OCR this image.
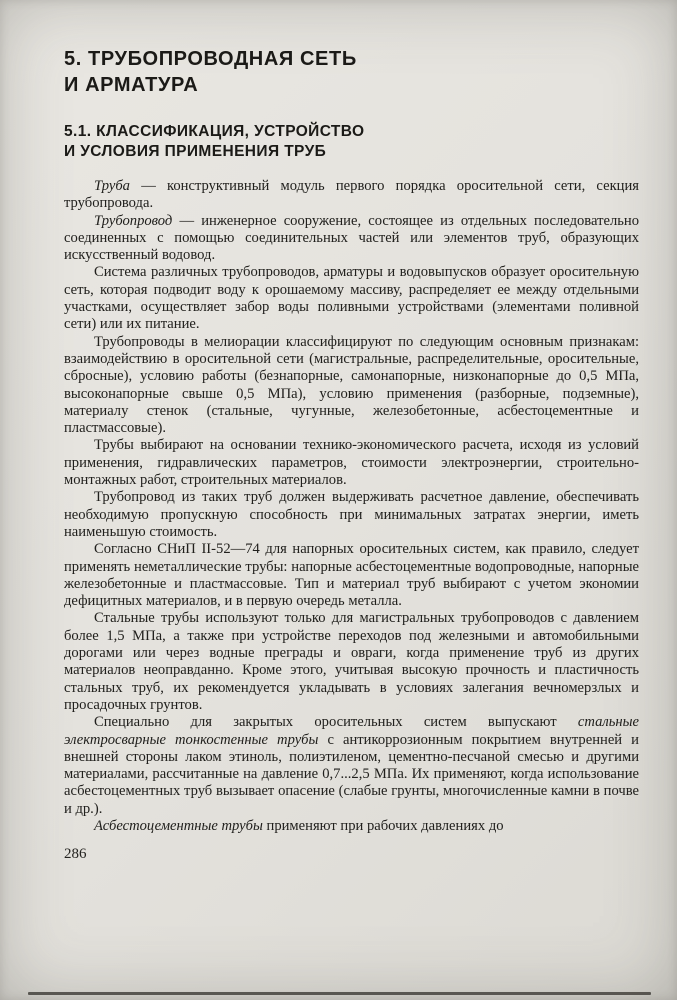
5. ТРУБОПРОВОДНАЯ СЕТЬ
И АРМАТУРА
5.1. КЛАССИФИКАЦИЯ, УСТРОЙСТВО
И УСЛОВИЯ ПРИМЕНЕНИЯ ТРУБ

Труба — конструктивный модуль первого порядка оросительной сети, секция трубопровода.

Трубопровод — инженерное сооружение, состоящее из отдельных последовательно соединенных с помощью соединительных частей или элементов труб, образующих искусственный водовод.

Система различных трубопроводов, арматуры и водовыпусков образует оросительную сеть, которая подводит воду к орошаемому массиву, распределяет ее между отдельными участками, осуществляет забор воды поливными устройствами (элементами поливной сети) или их питание.

Трубопроводы в мелиорации классифицируют по следующим основным признакам: взаимодействию в оросительной сети (магистральные, распределительные, оросительные, сбросные), условию работы (безнапорные, самонапорные, низконапорные до 0,5 МПа, высоконапорные свыше 0,5 МПа), условию применения (разборные, подземные), материалу стенок (стальные, чугунные, железобетонные, асбестоцементные и пластмассовые).

Трубы выбирают на основании технико-экономического расчета, исходя из условий применения, гидравлических параметров, стоимости электроэнергии, строительно-монтажных работ, строительных материалов.

Трубопровод из таких труб должен выдерживать расчетное давление, обеспечивать необходимую пропускную способность при минимальных затратах энергии, иметь наименьшую стоимость.

Согласно СНиП II-52—74 для напорных оросительных систем, как правило, следует применять неметаллические трубы: напорные асбестоцементные водопроводные, напорные железобетонные и пластмассовые. Тип и материал труб выбирают с учетом экономии дефицитных материалов, и в первую очередь металла.

Стальные трубы используют только для магистральных трубопроводов с давлением более 1,5 МПа, а также при устройстве переходов под железными и автомобильными дорогами или через водные преграды и овраги, когда применение труб из других материалов неоправданно. Кроме этого, учитывая высокую прочность и пластичность стальных труб, их рекомендуется укладывать в условиях залегания вечномерзлых и просадочных грунтов.

Специально для закрытых оросительных систем выпускают стальные электросварные тонкостенные трубы с антикоррозионным покрытием внутренней и внешней стороны лаком этиноль, полиэтиленом, цементно-песчаной смесью и другими материалами, рассчитанные на давление 0,7...2,5 МПа. Их применяют, когда использование асбестоцементных труб вызывает опасение (слабые грунты, многочисленные камни в почве и др.).

Асбестоцементные трубы применяют при рабочих давлениях до

286
